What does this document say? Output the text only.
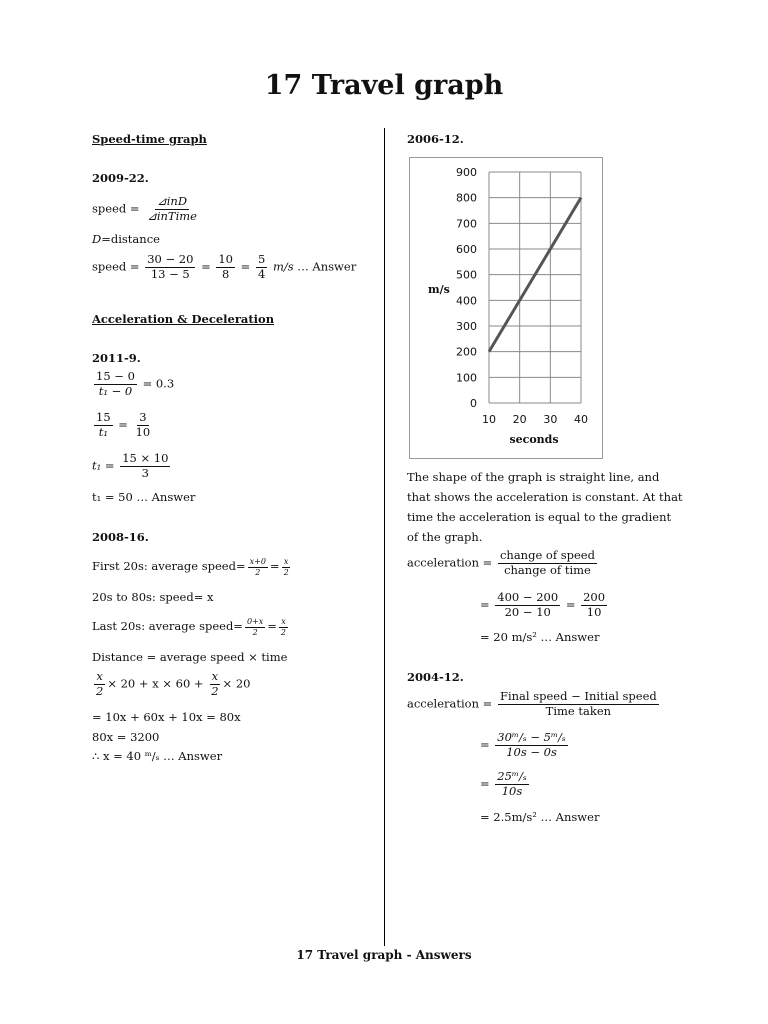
17 Travel graph
Speed-time graph
2009-22.
speed = $\frac{\text{⊿inD}}{\text{⊿inTime}}$
D=distance
speed = $\frac{30 - 20}{13 - 5} = \frac{10}{8} = \frac{5}{4} m/s$ … Answer
Acceleration & Deceleration
2011-9.
$\frac{15 - 0}{\text{t₁ − 0}} = 0.3$
$\frac{15}{\text{t₁}} = \frac{3}{10}$
$t_1 = \frac{15 \times 10}{3}$
t₁ = 50 … Answer
2008-16.
First 20s: average speed= $\frac{x+0}{2} = \frac{x}{2}$
20s to 80s: speed= x
Last 20s: average speed= $\frac{0+x}{2} = \frac{x}{2}$
Distance = average speed × time
$\frac{x}{2} \times 20 + x \times 60 + \frac{x}{2} \times 20$
= 10x + 60x + 10x = 80x
80x = 3200
∴ x = 40 ᵐ/ₛ … Answer
2006-12.
0
100
200
300
400
500
600
700
800
900
10 20 30 40
m/s
seconds
The shape of the graph is straight line, and
that shows the acceleration is constant. At that
time the acceleration is equal to the gradient
of the graph.
acceleration = $\frac{\text{change of speed}}{\text{change of time}}$
= $\frac{400 - 200}{20 - 10} = \frac{200}{10}$
= 20 m/s² … Answer
2004-12.
acceleration = $\frac{\text{Final speed − Initial speed}}{\text{Time taken}}$
= $\frac{\text{30ᵐ/ₛ − 5ᵐ/ₛ}}{10s - 0s}$
= $\frac{\text{25ᵐ/ₛ}}{10s}$
= 2.5m/s² … Answer
17 Travel graph - Answers
